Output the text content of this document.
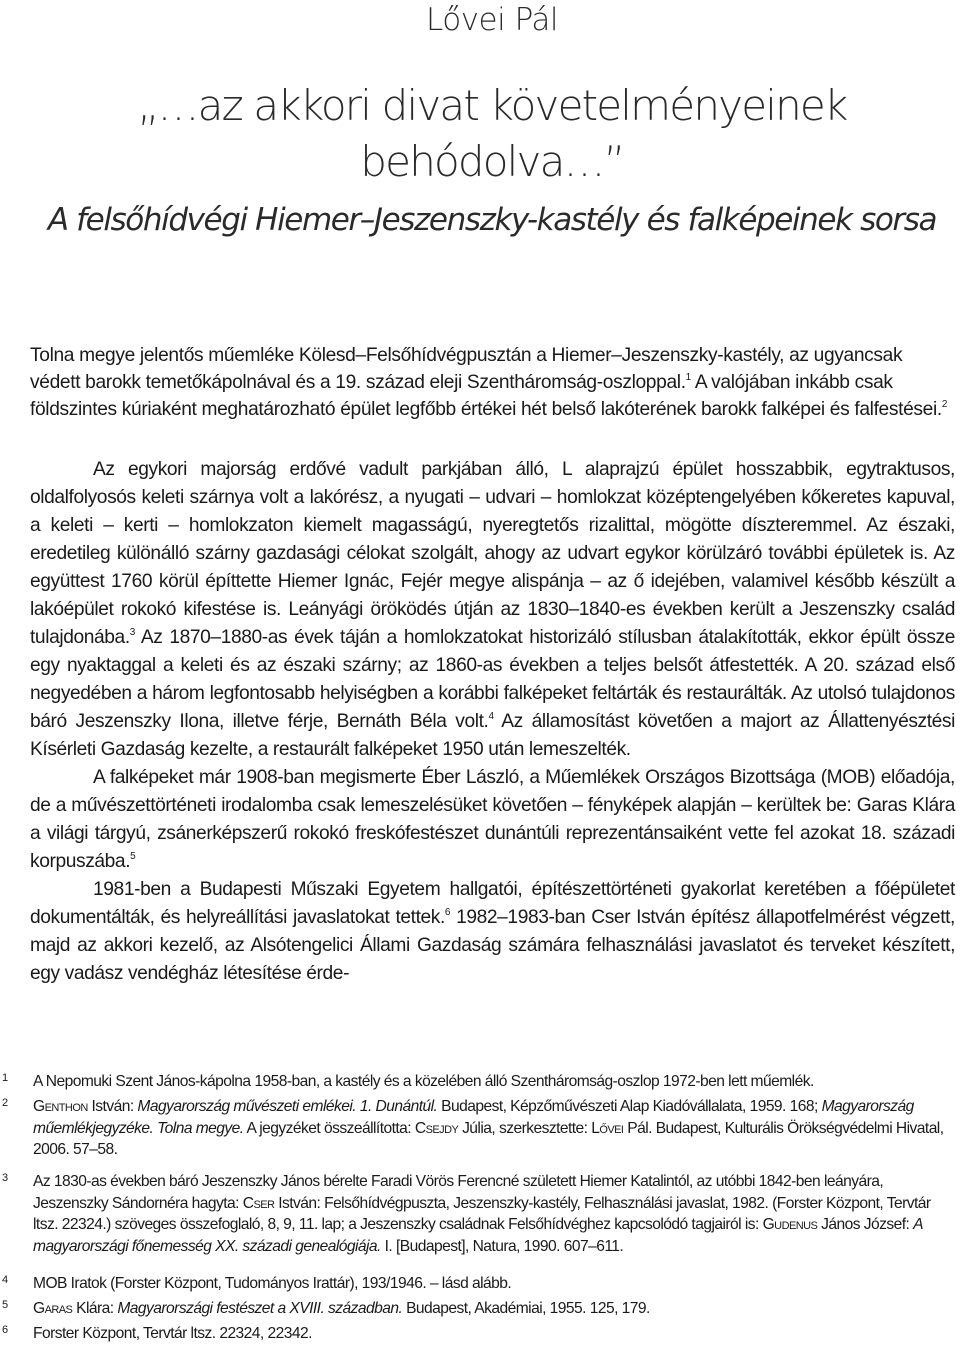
Lővei Pál
„…az akkori divat követelményeinek
behódolva…”
A felsőhídvégi Hiemer–Jeszenszky-kastély és falképeinek sorsa

Tolna megye jelentős műemléke Kölesd–Felsőhídvégpusztán a Hiemer–Jeszenszky-kastély, az ugyancsak védett barokk temetőkápolnával és a 19. század eleji Szentháromság-oszloppal.$^1$ A valójában inkább csak földszintes kúriaként meghatározható épület legfőbb értékei hét belső lakóterének barokk falképei és falfestései.$^2$

Az egykori majorság erdővé vadult parkjában álló, L alaprajzú épület hosszabbik, egytraktusos, oldalfolyosós keleti szárnya volt a lakórész, a nyugati – udvari – homlokzat középtengelyében kőkeretes kapuval, a keleti – kerti – homlokzaton kiemelt magasságú, nyeregtetős rizalittal, mögötte díszteremmel. Az északi, eredetileg különálló szárny gazdasági célokat szolgált, ahogy az udvart egykor körülzáró további épületek is. Az együttest 1760 körül építtette Hiemer Ignác, Fejér megye alispánja – az ő idejében, valamivel később készült a lakóépület rokokó kifestése is. Leányági öröködés útján az 1830–1840-es években került a Jeszenszky család tulajdonába.$^3$ Az 1870–1880-as évek táján a homlokzatokat historizáló stílusban átalakították, ekkor épült össze egy nyaktaggal a keleti és az északi szárny; az 1860-as években a teljes belsőt átfestették. A 20. század első negyedében a három legfontosabb helyiségben a korábbi falképeket feltárták és restaurálták. Az utolsó tulajdonos báró Jeszenszky Ilona, illetve férje, Bernáth Béla volt.$^4$ Az államosítást követően a majort az Állattenyésztési Kísérleti Gazdaság kezelte, a restaurált falképeket 1950 után lemeszelték.

A falképeket már 1908-ban megismerte Éber László, a Műemlékek Országos Bizottsága (MOB) előadója, de a művészettörténeti irodalomba csak lemeszelésüket követően – fényképek alapján – kerültek be: Garas Klára a világi tárgyú, zsánerképszerű rokokó freskófestészet dunántúli reprezentánsaiként vette fel azokat 18. századi korpuszába.$^5$

1981-ben a Budapesti Műszaki Egyetem hallgatói, építészettörténeti gyakorlat keretében a főépületet dokumentálták, és helyreállítási javaslatokat tettek.$^6$ 1982–1983-ban Cser István építész állapotfelmérést végzett, majd az akkori kezelő, az Alsótengelici Állami Gazdaság számára felhasználási javaslatot és terveket készített, egy vadász vendégház létesítése érde-

1 A Nepomuki Szent János-kápolna 1958-ban, a kastély és a közelében álló Szentháromság-oszlop 1972-ben lett műemlék.
2 Genthon István: Magyarország művészeti emlékei. 1. Dunántúl. Budapest, Képzőművészeti Alap Kiadóvállalata, 1959. 168; Magyarország műemlékjegyzéke. Tolna megye. A jegyzéket összeállította: Csejdy Júlia, szerkesztette: Lővei Pál. Budapest, Kulturális Örökségvédelmi Hivatal, 2006. 57–58.
3 Az 1830-as években báró Jeszenszky János bérelte Faradi Vörös Ferencné született Hiemer Katalintól, az utóbbi 1842-ben leányára, Jeszenszky Sándornéra hagyta: Cser István: Felsőhídvégpuszta, Jeszenszky-kastély, Felhasználási javaslat, 1982. (Forster Központ, Tervtár ltsz. 22324.) szöveges összefoglaló, 8, 9, 11. lap; a Jeszenszky családnak Felsőhídvéghez kapcsolódó tagjairól is: Gudenus János József: A magyarországi főnemesség XX. századi genealógiája. I. [Budapest], Natura, 1990. 607–611.
4 MOB Iratok (Forster Központ, Tudományos Irattár), 193/1946. – lásd alább.
5 Garas Klára: Magyarországi festészet a XVIII. században. Budapest, Akadémiai, 1955. 125, 179.
6 Forster Központ, Tervtár ltsz. 22324, 22342.
